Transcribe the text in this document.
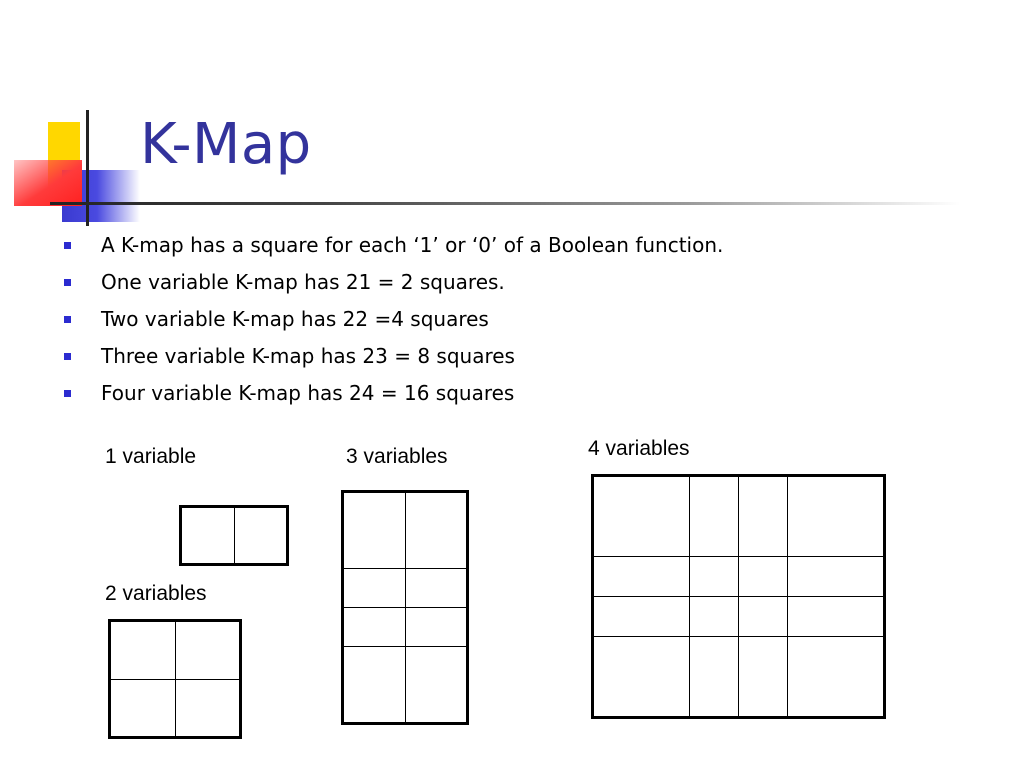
K-Map
A K-map has a square for each ‘1’ or ‘0’ of a Boolean function.
One variable K-map has 21 = 2 squares.
Two variable K-map has 22 =4 squares
Three variable K-map has 23 = 8 squares
Four variable K-map has 24 = 16 squares
1 variable

2 variables

3 variables

		4 variables
